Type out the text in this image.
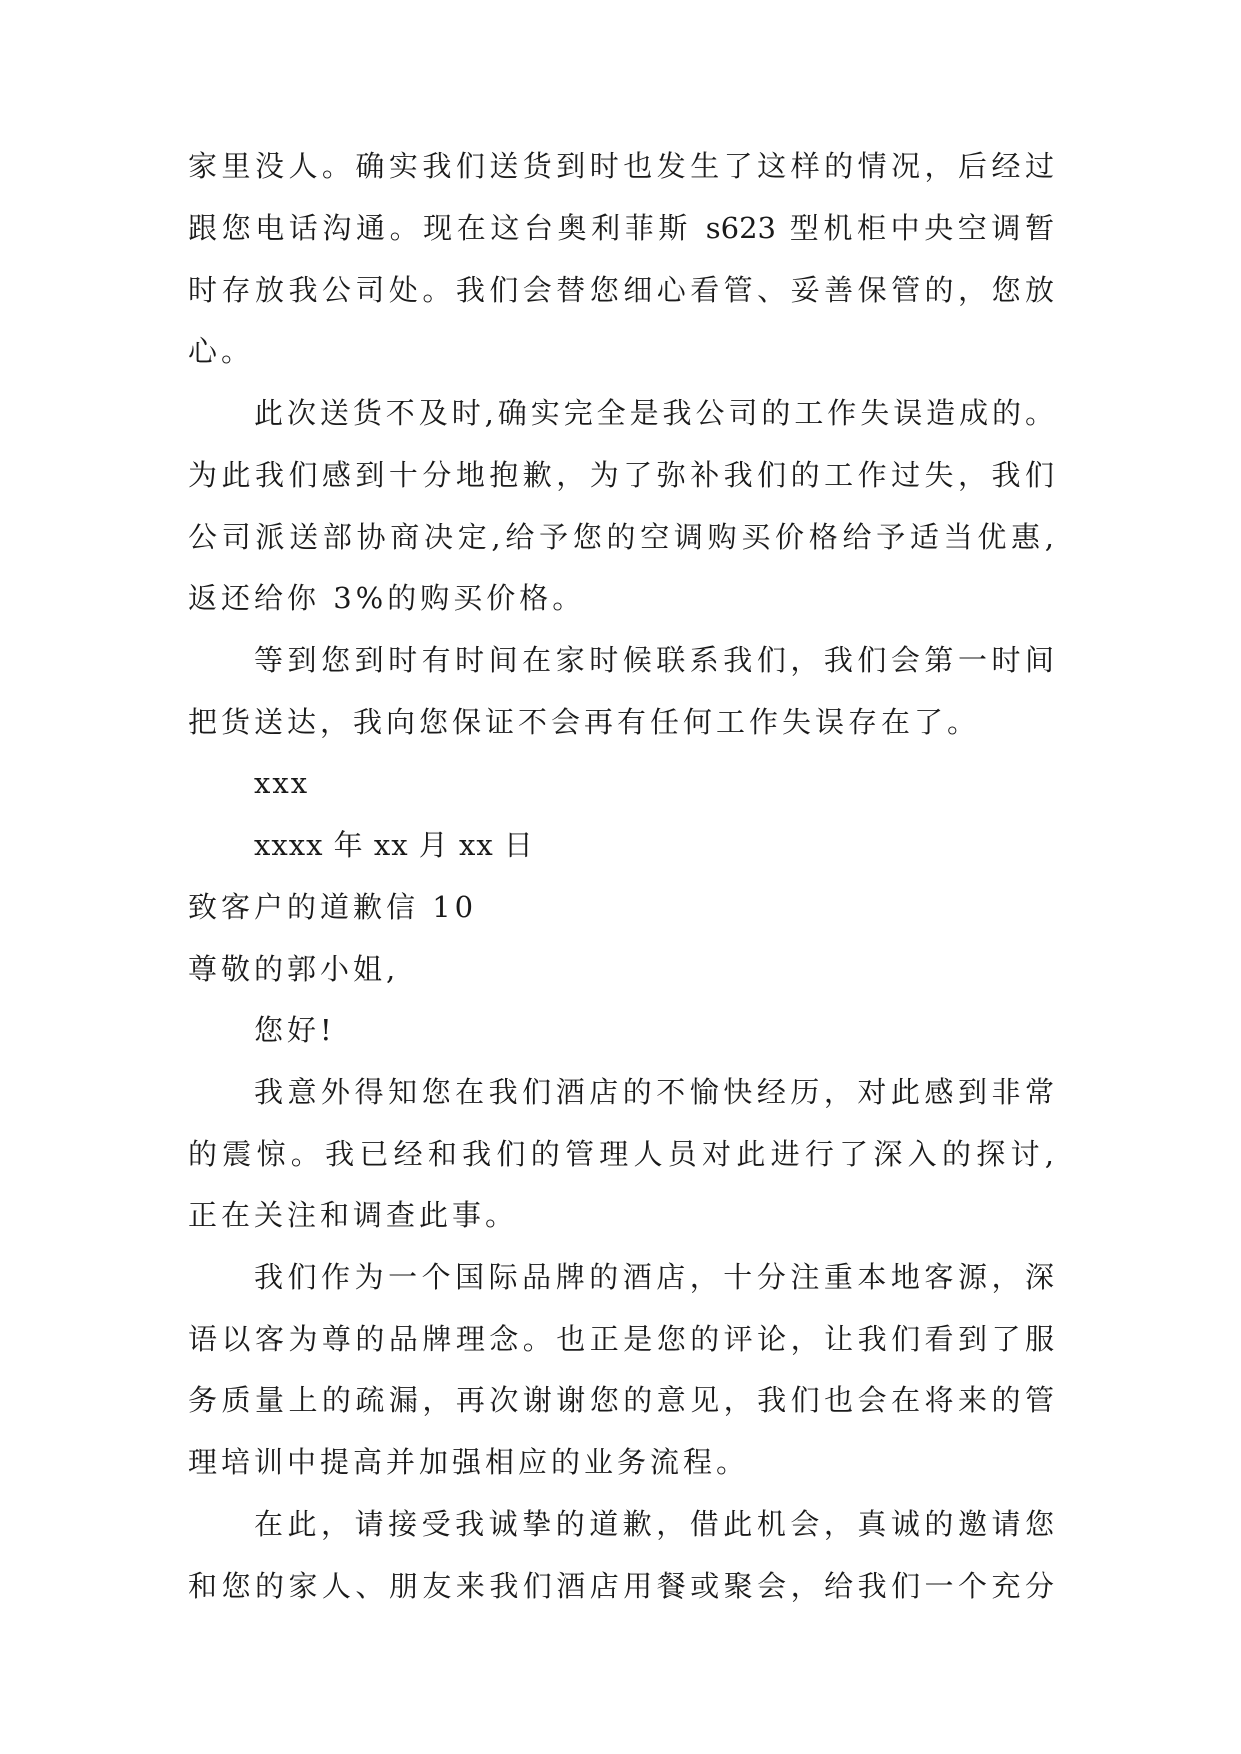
家里没人。确实我们送货到时也发生了这样的情况，后经过
跟您电话沟通。现在这台奥利菲斯 s623 型机柜中央空调暂
时存放我公司处。我们会替您细心看管、妥善保管的，您放
心。
此次送货不及时,确实完全是我公司的工作失误造成的。
为此我们感到十分地抱歉，为了弥补我们的工作过失，我们
公司派送部协商决定,给予您的空调购买价格给予适当优惠,
返还给你 3%的购买价格。
等到您到时有时间在家时候联系我们，我们会第一时间
把货送达，我向您保证不会再有任何工作失误存在了。
xxx
xxxx 年 xx 月 xx 日
致客户的道歉信 10
尊敬的郭小姐,
您好!
我意外得知您在我们酒店的不愉快经历，对此感到非常
的震惊。我已经和我们的管理人员对此进行了深入的探讨,
正在关注和调查此事。
我们作为一个国际品牌的酒店，十分注重本地客源，深
语以客为尊的品牌理念。也正是您的评论，让我们看到了服
务质量上的疏漏，再次谢谢您的意见，我们也会在将来的管
理培训中提高并加强相应的业务流程。
在此，请接受我诚挚的道歉，借此机会，真诚的邀请您
和您的家人、朋友来我们酒店用餐或聚会，给我们一个充分
